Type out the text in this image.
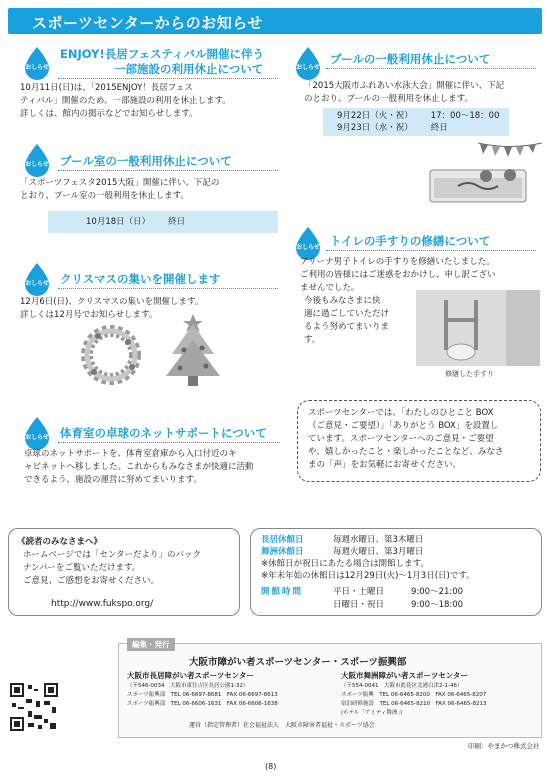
スポーツセンターからのお知らせ
おしらせ
ENJOY!長居フェスティバル開催に伴う
一部施設の利用休止について
10月11日(日)は、「2015ENJOY！長居フェス
ティバル」開催のため、一部施設の利用を休止します。
詳しくは、館内の掲示などでお知らせします。
おしらせ プール室の一般利用休止について
「スポーツフェスタ2015大阪」開催に伴い、下記の
とおり、プール室の一般利用を休止します。
10月18日（日） 終日
おしらせ クリスマスの集いを開催します
12月6日(日)、クリスマスの集いを開催します。
詳しくは12月号でお知らせします。
おしらせ 体育室の卓球のネットサポートについて
卓球のネットサポートを、体育室倉庫から入口付近のキ
ャビネットへ移しました。これからもみなさまが快適に活動
できるよう、施設の運営に努めてまいります。
おしらせ
プールの一般利用休止について
「2015大阪市ふれあい水泳大会」開催に伴い、下記
のとおり、プールの一般利用を休止します。
9月22日（火・祝） 17：00～18：00
9月23日（水・祝） 終日
おしらせ トイレの手すりの修繕について
アリーナ男子トイレの手すりを修繕いたしました。
ご利用の皆様にはご迷惑をおかけし、申し訳ござい
ませんでした。
今後もみなさまに快
適に過ごしていただけ
るよう努めてまいりま
す。
修繕した手すり
スポーツセンターでは、「わたしのひとこと BOX
（ご意見・ご要望）」「ありがとう BOX」を設置し
ています。スポーツセンターへのご意見・ご要望
や、嬉しかったこと・楽しかったことなど、みなさ
まの「声」をお気軽にお寄せください。
《読者のみなさまへ》
ホームページでは「センターだより」のバック
ナンバーをご覧いただけます。
ご意見、ご感想をお寄せください。
http://www.fukspo.org/
長居休館日	毎週水曜日、第3木曜日
舞洲休館日	毎週火曜日、第3月曜日
※休館日が祝日にあたる場合は開館します。
※年末年始の休館日は12月29日(火)～1月3日(日)です。
開館時間	平日・土曜日	9:00～21:00
日曜日・祝日	9:00～18:00
編集・発行
大阪市障がい者スポーツセンター・スポーツ振興部
大阪市長居障がい者スポーツセンター
（〒546-0034　大阪市東住吉区長居公園1-32）
スポーツ振興部　TEL 06-6697-8681　FAX 06-6697-8613
スポーツ振興部　TEL 06-6606-1631　FAX 06-6606-1638
大阪市舞洲障がい者スポーツセンター
（〒554-0041　大阪市此花区北港白津2-1-46）
スポーツ振興　TEL 06-6465-8200　FAX 06-6465-8207
宿泊研修施設　TEL 06-6465-8210　FAX 06-6465-8213
(ホテル「アミティ舞洲」)
運営（指定管理者）社会福祉法人　大阪市障害者福祉・スポーツ協会
印刷：やまかつ株式会社
(8)
